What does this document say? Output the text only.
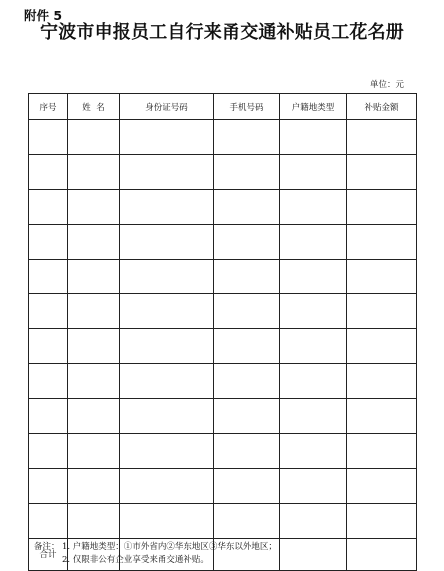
附件 5
宁波市申报员工自行来甬交通补贴员工花名册
单位：元
序号	姓  名	身份证号码	手机号码	户籍地类型	补贴金额

合计					
备注： 1. 户籍地类型：①市外省内②华东地区③华东以外地区；
2. 仅限非公有企业享受来甬交通补贴。
